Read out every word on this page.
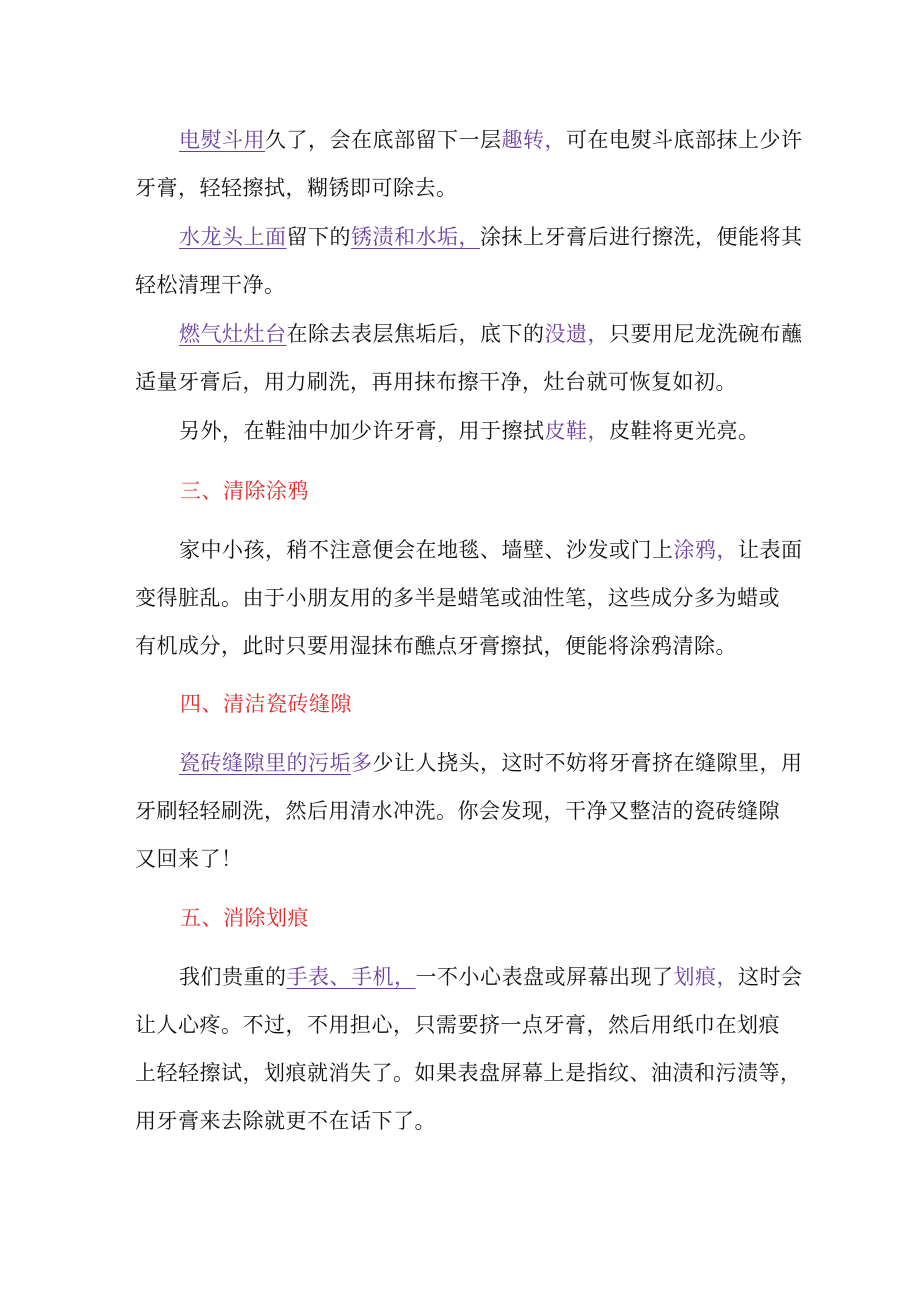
电熨斗用久了，会在底部留下一层趣转，可在电熨斗底部抹上少许
牙膏，轻轻擦拭，糊锈即可除去。

水龙头上面留下的锈渍和水垢，涂抹上牙膏后进行擦洗，便能将其
轻松清理干净。

燃气灶灶台在除去表层焦垢后，底下的没遗，只要用尼龙洗碗布蘸
适量牙膏后，用力刷洗，再用抹布擦干净，灶台就可恢复如初。

另外，在鞋油中加少许牙膏，用于擦拭皮鞋，皮鞋将更光亮。

三、清除涂鸦

家中小孩，稍不注意便会在地毯、墙壁、沙发或门上涂鸦，让表面
变得脏乱。由于小朋友用的多半是蜡笔或油性笔，这些成分多为蜡或
有机成分，此时只要用湿抹布醮点牙膏擦拭，便能将涂鸦清除。

四、清洁瓷砖缝隙

瓷砖缝隙里的污垢多少让人挠头，这时不妨将牙膏挤在缝隙里，用
牙刷轻轻刷洗，然后用清水冲洗。你会发现，干净又整洁的瓷砖缝隙
又回来了！

五、消除划痕

我们贵重的手表、手机，一不小心表盘或屏幕出现了划痕，这时会
让人心疼。不过，不用担心，只需要挤一点牙膏，然后用纸巾在划痕
上轻轻擦试，划痕就消失了。如果表盘屏幕上是指纹、油渍和污渍等，
用牙膏来去除就更不在话下了。
